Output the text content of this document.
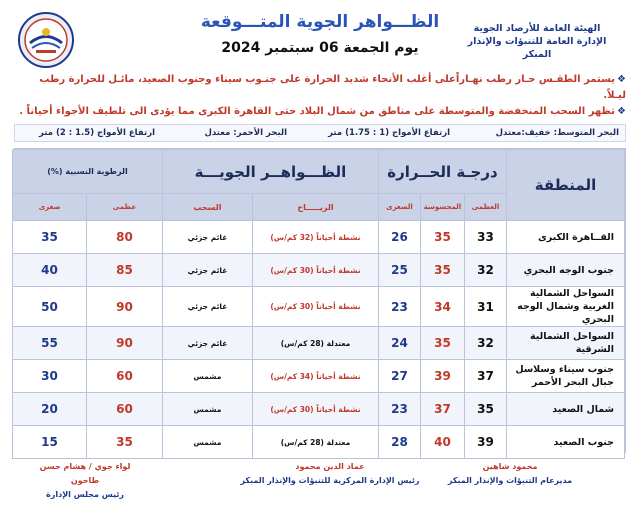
الهيئة العامة للأرصاد الجوية
الإدارة العامة للتنبؤات والإنذار المبكر
الظـــواهر الجوية المتـــوقعة
يوم الجمعة 06 سبتمبر 2024
❖يستمر الطقـس حـار رطب نهـاراًعلى أغلب الأنحاء شديد الحرارة على جنـوب سيناء وجنوب الصعيد، مائـل للحرارة رطب ليـلاً.
❖تظهر السحب المنخفضة والمتوسطة على مناطق من شمال البلاد حتى القاهرة الكبرى مما يؤدى الى تلطيف الأجواء أحياناً .
البحر المتوسط: خفيف:معتدل
ارتفاع الأمواج (1 : 1.75) متر
البحر الأحمر: معتدل
ارتفاع الأمواج (1.5 : 2) متر
المنطقة	درجـة الحــرارة			الظـــواهــر الجويـــة		الرطوبة النسبية (%)	
	العظمى	المحسوسة	الصغرى	الريـــــاح	السحب	عظمى	صغرى
القــاهرة الكبرى	33	35	26	نشطة أحياناً (32 كم/س)	غائم جزئي	80	35
جنوب الوجه البحري	32	35	25	نشطة أحياناً (30 كم/س)	غائم جزئي	85	40
السواحل الشمالية الغربية وشمال الوجه البحري	31	34	23	نشطة أحياناً (30 كم/س)	غائم جزئي	90	50
السواحل الشمالية الشرقية	32	35	24	معتدلة (28 كم/س)	غائم جزئي	90	55
جنوب سيناء وسلاسل جبال البحر الأحمر	37	39	27	نشطة أحياناً (34 كم/س)	مشمس	60	30
شمال الصعيد	35	37	23	نشطة أحياناً (30 كم/س)	مشمس	60	20
جنوب الصعيد	39	40	28	معتدلة (28 كم/س)	مشمس	35	15
محمود شاهين
مديرعام التنبؤات والإنذار المبكر
عماد الدين محمود
رئيس الإدارة المركزية للتنبؤات والإنذار المبكر
لواء جوي / هشام حسن طاحون
رئيس مجلس الإدارة
